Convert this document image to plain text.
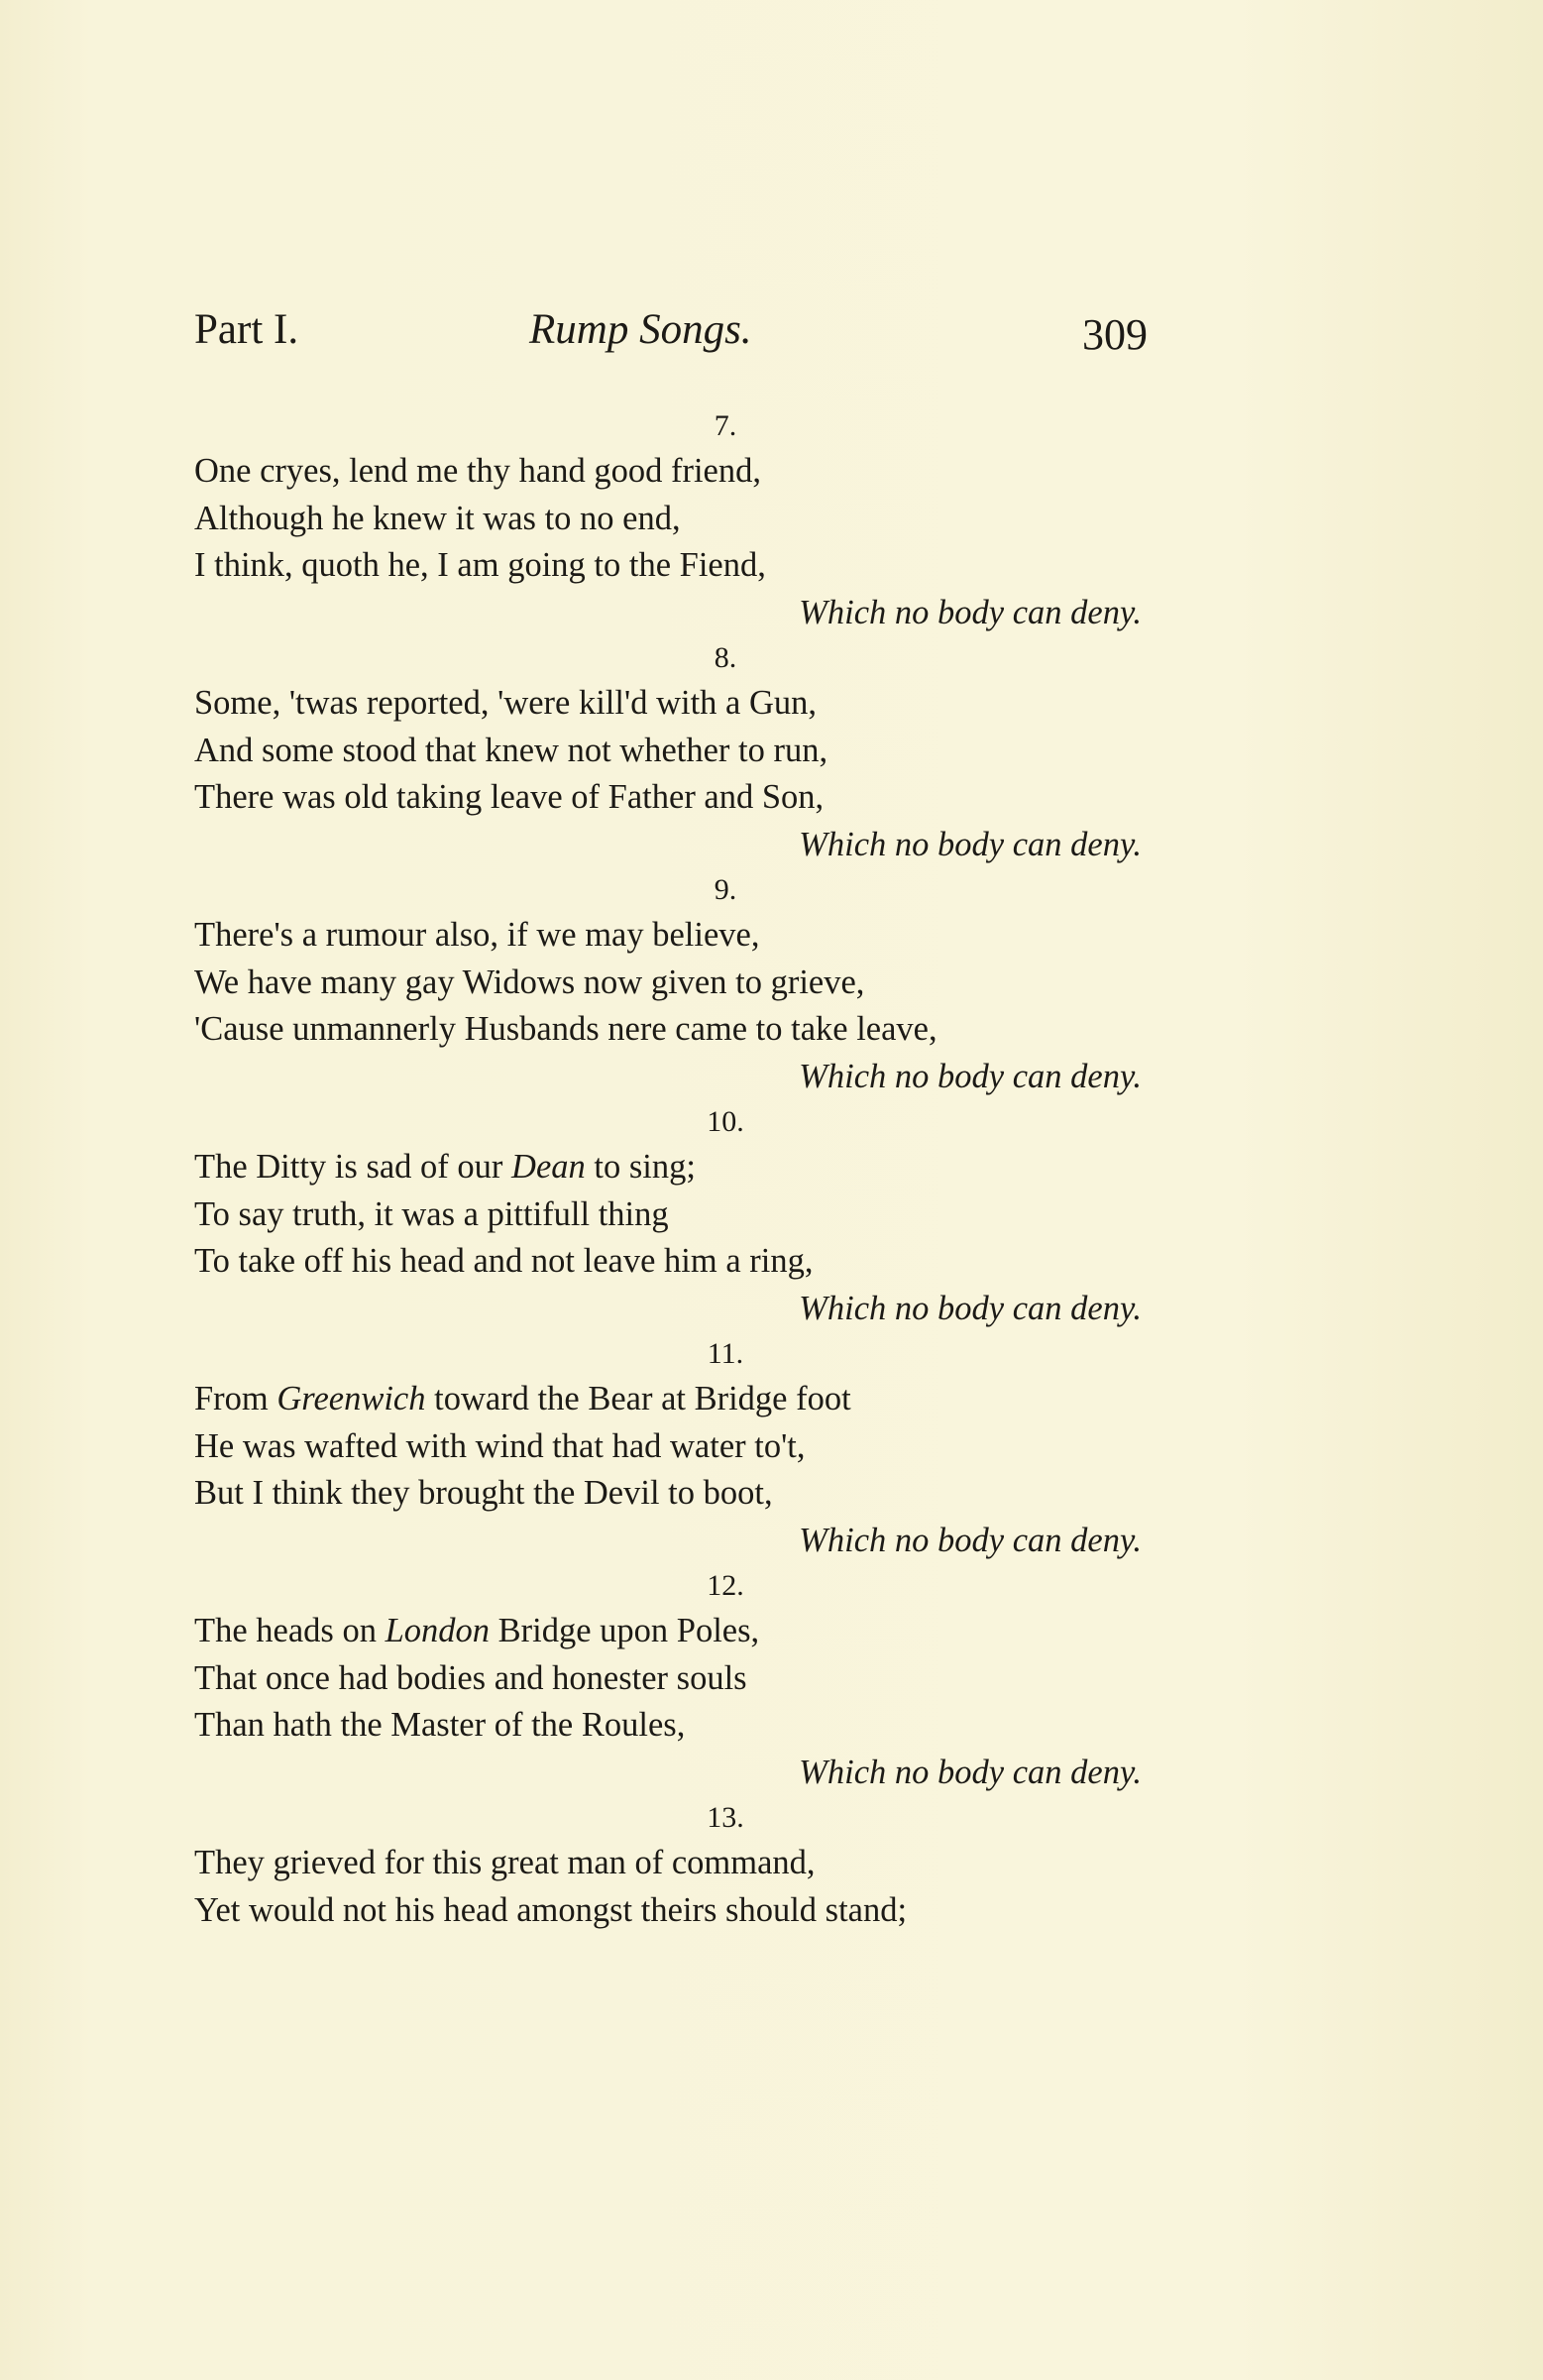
Part I.	Rump Songs.	309
7.
One cryes, lend me thy hand good friend,
Although he knew it was to no end,
I think, quoth he, I am going to the Fiend,
Which no body can deny.
8.
Some, 'twas reported, 'were kill'd with a Gun,
And some stood that knew not whether to run,
There was old taking leave of Father and Son,
Which no body can deny.
9.
There's a rumour also, if we may believe,
We have many gay Widows now given to grieve,
'Cause unmannerly Husbands nere came to take leave,
Which no body can deny.
10.
The Ditty is sad of our Dean to sing;
To say truth, it was a pittifull thing
To take off his head and not leave him a ring,
Which no body can deny.
11.
From Greenwich toward the Bear at Bridge foot
He was wafted with wind that had water to't,
But I think they brought the Devil to boot,
Which no body can deny.
12.
The heads on London Bridge upon Poles,
That once had bodies and honester souls
Than hath the Master of the Roules,
Which no body can deny.
13.
They grieved for this great man of command,
Yet would not his head amongst theirs should stand;
